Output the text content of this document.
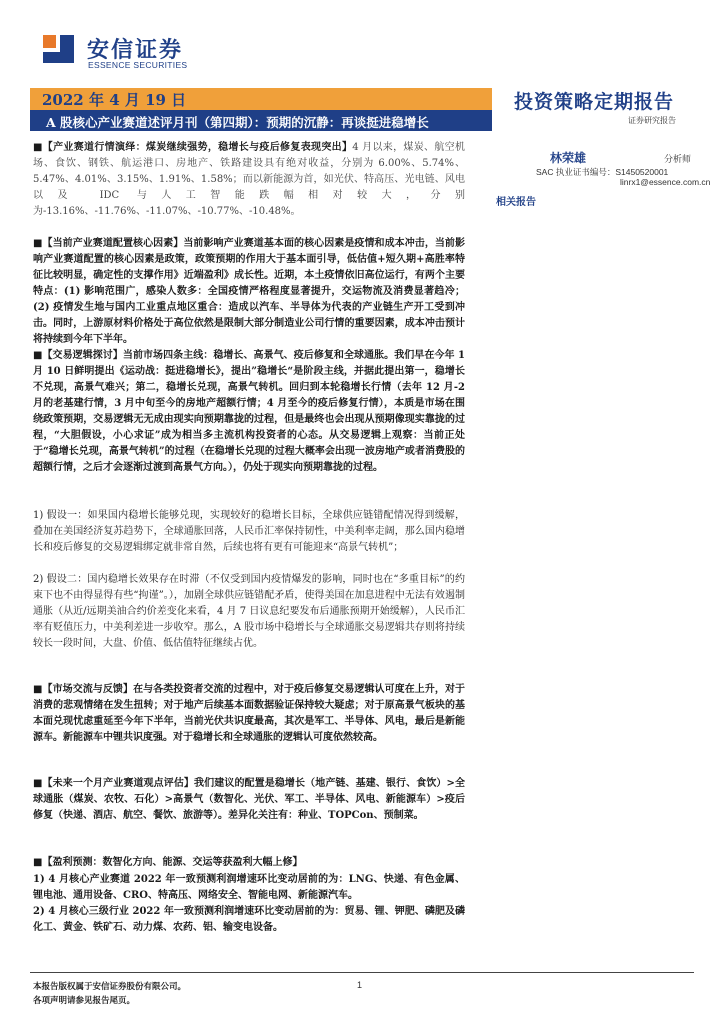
安信证券
ESSENCE SECURITIES
2022 年 4 月 19 日
A 股核心产业赛道述评月刊（第四期）：预期的沉静：再谈挺进稳增长
投资策略定期报告
证券研究报告
林荣雄	分析师
SAC 执业证书编号：S1450520001
linrx1@essence.com.cn
相关报告
■【产业赛道行情演绎：煤炭继续强势，稳增长与疫后修复表现突出】4 月以来，煤炭、航空机场、食饮、钢铁、航运港口、房地产、铁路建设具有绝对收益，分别为 6.00%、5.74%、5.47%、4.01%、3.15%、1.91%、1.58%；而以新能源为首，如光伏、特高压、光电链、风电以及 IDC 与人工智能跌幅相对较大，分别为-13.16%、-11.76%、-11.07%、-10.77%、-10.48%。
■【当前产业赛道配置核心因素】当前影响产业赛道基本面的核心因素是疫情和成本冲击，当前影响产业赛道配置的核心因素是政策，政策预期的作用大于基本面引导，低估值+短久期+高胜率特征比较明显，确定性的支撑作用》近端盈利》成长性。近期，本土疫情依旧高位运行，有两个主要特点：(1) 影响范围广，感染人数多：全国疫情严格程度显著提升，交运物流及消费显著趋冷；(2) 疫情发生地与国内工业重点地区重合：造成以汽车、半导体为代表的产业链生产开工受到冲击。同时，上游原材料价格处于高位依然是限制大部分制造业公司行情的重要因素，成本冲击预计将持续到今年下半年。
■【交易逻辑探讨】当前市场四条主线：稳增长、高景气、疫后修复和全球通胀。我们早在今年 1 月 10 日鲜明提出《运动战：挺进稳增长》，提出”稳增长“是阶段主线，并据此提出第一，稳增长不兑现，高景气难兴；第二，稳增长兑现，高景气转机。回归到本轮稳增长行情（去年 12 月-2 月的老基建行情，3 月中旬至今的房地产超额行情；4 月至今的疫后修复行情），本质是市场在围绕政策预期，交易逻辑无无成由现实向预期靠拢的过程，但是最终也会出现从预期像现实靠拢的过程，“大胆假设，小心求证”成为相当多主流机构投资者的心态。从交易逻辑上观察：当前正处于“稳增长兑现，高景气转机”的过程（在稳增长兑现的过程大概率会出现一波房地产或者消费股的超额行情，之后才会逐渐过渡到高景气方向。），仍处于现实向预期靠拢的过程。
1) 假设一：如果国内稳增长能够兑现，实现较好的稳增长目标，全球供应链错配情况得到缓解，叠加在美国经济复苏趋势下，全球通胀回落，人民币汇率保持韧性，中美利率走阔，那么国内稳增长和疫后修复的交易逻辑绑定就非常自然，后续也将有更有可能迎来“高景气转机”；
2) 假设二：国内稳增长效果存在时滞（不仅受到国内疫情爆发的影响，同时也在“多重目标”的约束下也不由得显得有些“拘谨”。），加剧全球供应链错配矛盾，使得美国在加息进程中无法有效遏制通胀（从近/远期美油合约价差变化来看，4 月 7 日议息纪要发布后通胀预期开始缓解），人民币汇率有贬值压力，中美利差进一步收窄。那么，A 股市场中稳增长与全球通胀交易逻辑共存则将持续较长一段时间，大盘、价值、低估值特征继续占优。
■【市场交流与反馈】在与各类投资者交流的过程中，对于疫后修复交易逻辑认可度在上升，对于消费的悲观情绪在发生扭转；对于地产后续基本面数据验证保持较大疑虑；对于原高景气板块的基本面兑现忧虑重延至今年下半年，当前光伏共识度最高，其次是军工、半导体、风电，最后是新能源车。新能源车中锂共识度强。对于稳增长和全球通胀的逻辑认可度依然较高。
■【未来一个月产业赛道观点评估】我们建议的配置是稳增长（地产链、基建、银行、食饮）>全球通胀（煤炭、农牧、石化）>高景气（数智化、光伏、军工、半导体、风电、新能源车）>疫后修复（快递、酒店、航空、餐饮、旅游等）。差异化关注有：种业、TOPCon、预制菜。
■【盈利预测：数智化方向、能源、交运等获盈利大幅上修】
1) 4 月核心产业赛道 2022 年一致预测利润增速环比变动居前的为：LNG、快递、有色金属、锂电池、通用设备、CRO、特高压、网络安全、智能电网、新能源汽车。
2) 4 月核心三级行业 2022 年一致预测利润增速环比变动居前的为：贸易、锂、钾肥、磷肥及磷化工、黄金、铁矿石、动力煤、农药、铝、输变电设备。
本报告版权属于安信证券股份有限公司。
各项声明请参见报告尾页。
1
